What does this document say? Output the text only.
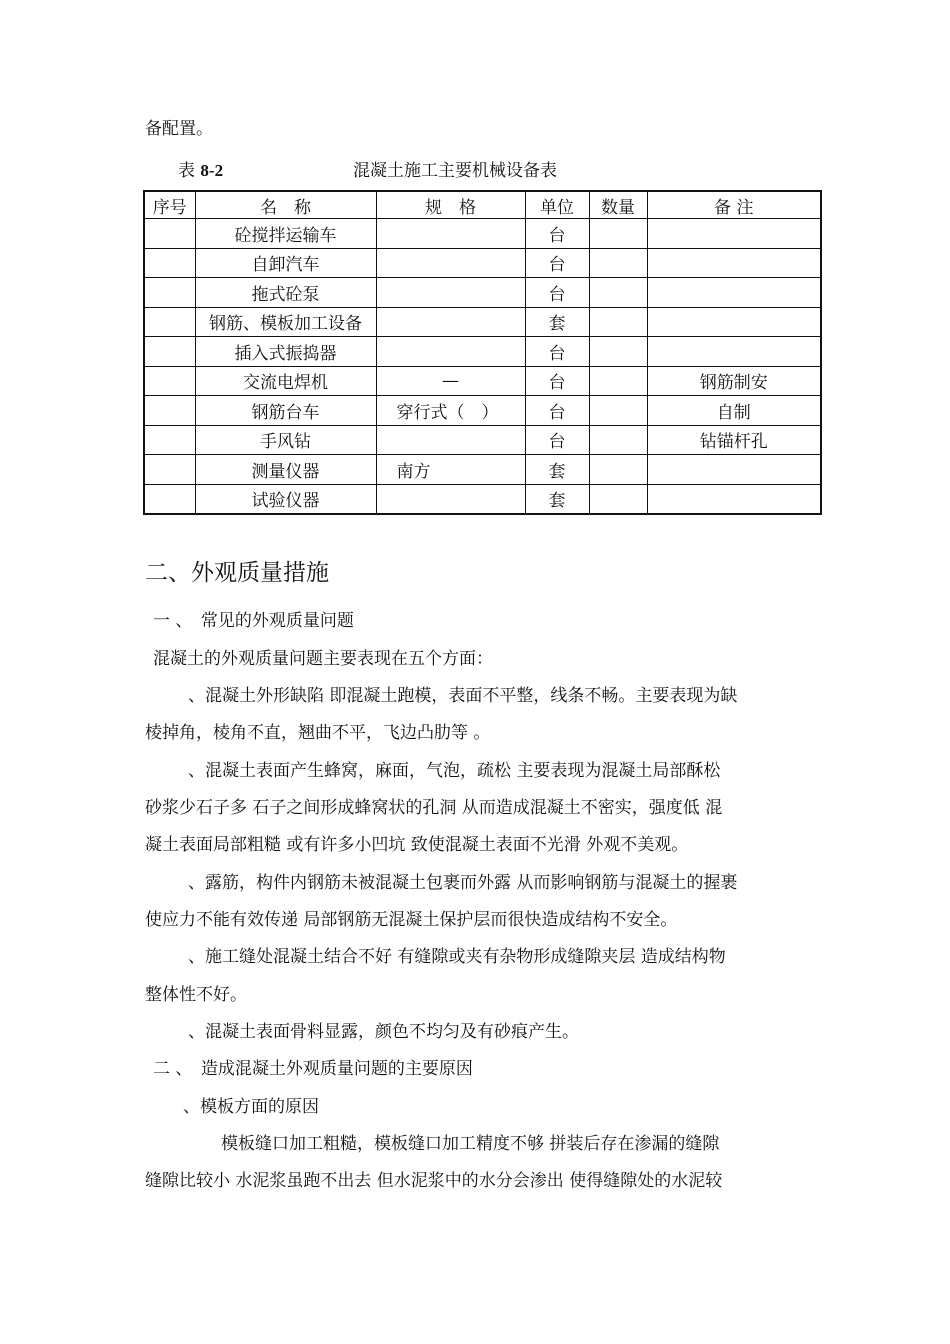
备配置。
表 8-2	混凝土施工主要机械设备表
序号	名　称	规　格	单位	数量	备 注
	砼搅拌运输车		台		
	自卸汽车		台		
	拖式砼泵		台		
	钢筋、模板加工设备		套		
	插入式振捣器		台		
	交流电焊机	—	台		钢筋制安
	钢筋台车	穿行式（　）	台		自制
	手风钻		台		钻锚杆孔
	测量仪器	南方	套		
	试验仪器		套		
二、外观质量措施
一 、　常见的外观质量问题
混凝土的外观质量问题主要表现在五个方面：
、混凝土外形缺陷 即混凝土跑模，表面不平整，线条不畅。主要表现为缺
棱掉角，棱角不直，翘曲不平，飞边凸肋等 。
、混凝土表面产生蜂窝，麻面，气泡，疏松 主要表现为混凝土局部酥松
砂浆少石子多 石子之间形成蜂窝状的孔洞 从而造成混凝土不密实，强度低 混
凝土表面局部粗糙 或有许多小凹坑 致使混凝土表面不光滑 外观不美观。
、露筋，构件内钢筋未被混凝土包裹而外露 从而影响钢筋与混凝土的握裹
使应力不能有效传递 局部钢筋无混凝土保护层而很快造成结构不安全。
、施工缝处混凝土结合不好 有缝隙或夹有杂物形成缝隙夹层 造成结构物
整体性不好。
、混凝土表面骨料显露，颜色不均匀及有砂痕产生。
二 、　造成混凝土外观质量问题的主要原因
、模板方面的原因
模板缝口加工粗糙，模板缝口加工精度不够 拼装后存在渗漏的缝隙
缝隙比较小 水泥浆虽跑不出去 但水泥浆中的水分会渗出 使得缝隙处的水泥较
